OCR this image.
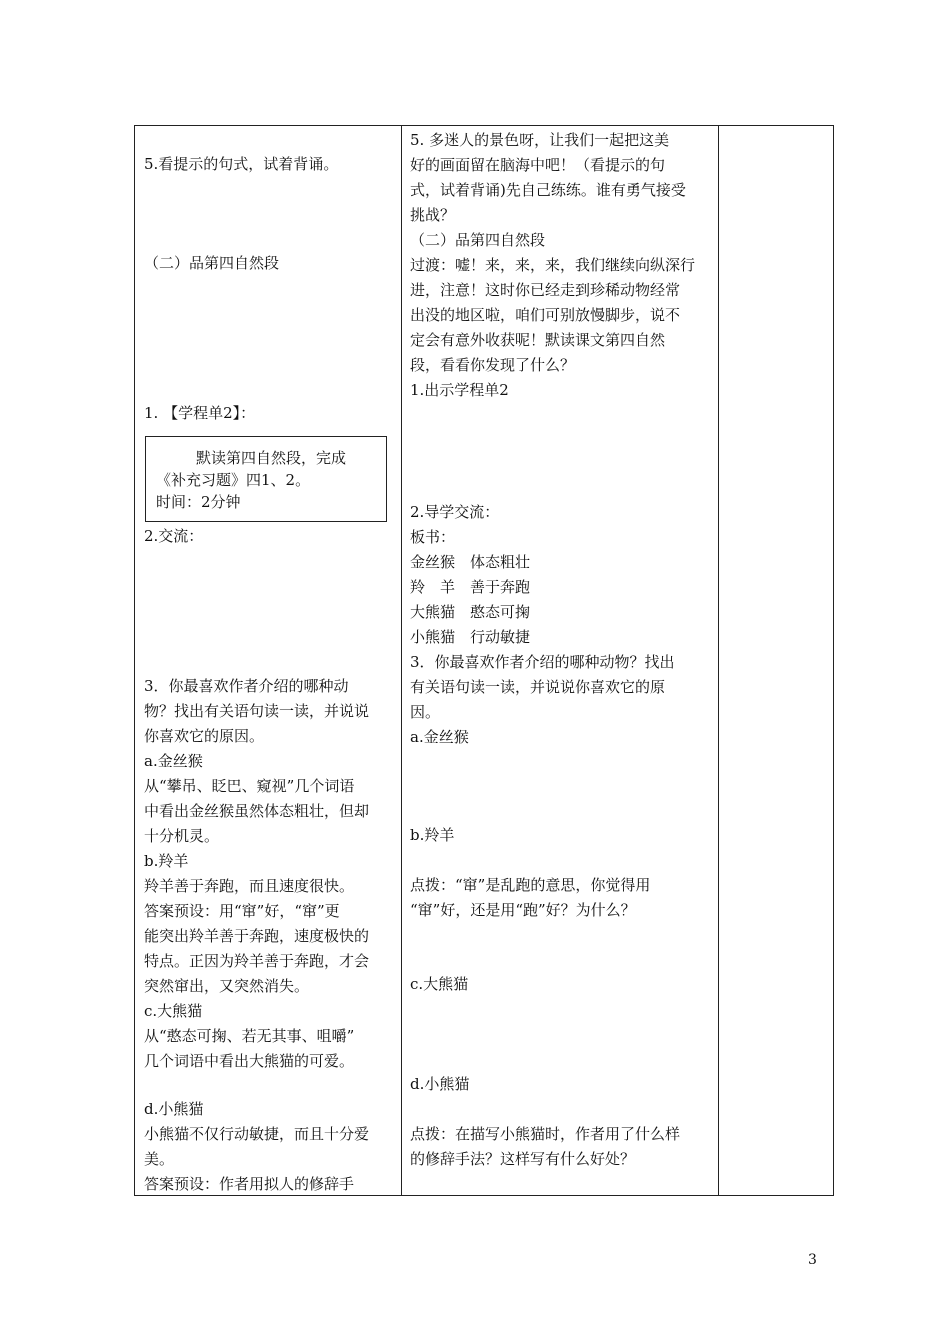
5.看提示的句式，试着背诵。

（二）品第四自然段

1. 【学程单2】：

默读第四自然段，完成
《补充习题》四1、2。
时间：2分钟

2.交流：

3．你最喜欢作者介绍的哪种动

物？找出有关语句读一读，并说说

你喜欢它的原因。

a.金丝猴

从“攀吊、眨巴、窥视”几个词语

中看出金丝猴虽然体态粗壮，但却

十分机灵。

b.羚羊

羚羊善于奔跑，而且速度很快。

答案预设：用“窜”好，“窜”更

能突出羚羊善于奔跑，速度极快的

特点。正因为羚羊善于奔跑，才会

突然窜出，又突然消失。

c.大熊猫

从“憨态可掬、若无其事、咀嚼”

几个词语中看出大熊猫的可爱。

d.小熊猫

小熊猫不仅行动敏捷，而且十分爱

美。

答案预设：作者用拟人的修辞手

5. 多迷人的景色呀，让我们一起把这美

好的画面留在脑海中吧！（看提示的句

式，试着背诵)先自己练练。谁有勇气接受

挑战？

（二）品第四自然段

过渡：嘘！来，来，来，我们继续向纵深行

进，注意！这时你已经走到珍稀动物经常

出没的地区啦，咱们可别放慢脚步，说不

定会有意外收获呢！默读课文第四自然

段，看看你发现了什么？

1.出示学程单2

2.导学交流：

板书：

金丝猴　体态粗壮

羚　羊　善于奔跑

大熊猫　憨态可掬

小熊猫　行动敏捷

3．你最喜欢作者介绍的哪种动物？找出

有关语句读一读，并说说你喜欢它的原

因。

a.金丝猴

b.羚羊

点拨：“窜”是乱跑的意思，你觉得用

“窜”好，还是用“跑”好？为什么？

c.大熊猫

d.小熊猫

点拨：在描写小熊猫时，作者用了什么样

的修辞手法？这样写有什么好处？

3
